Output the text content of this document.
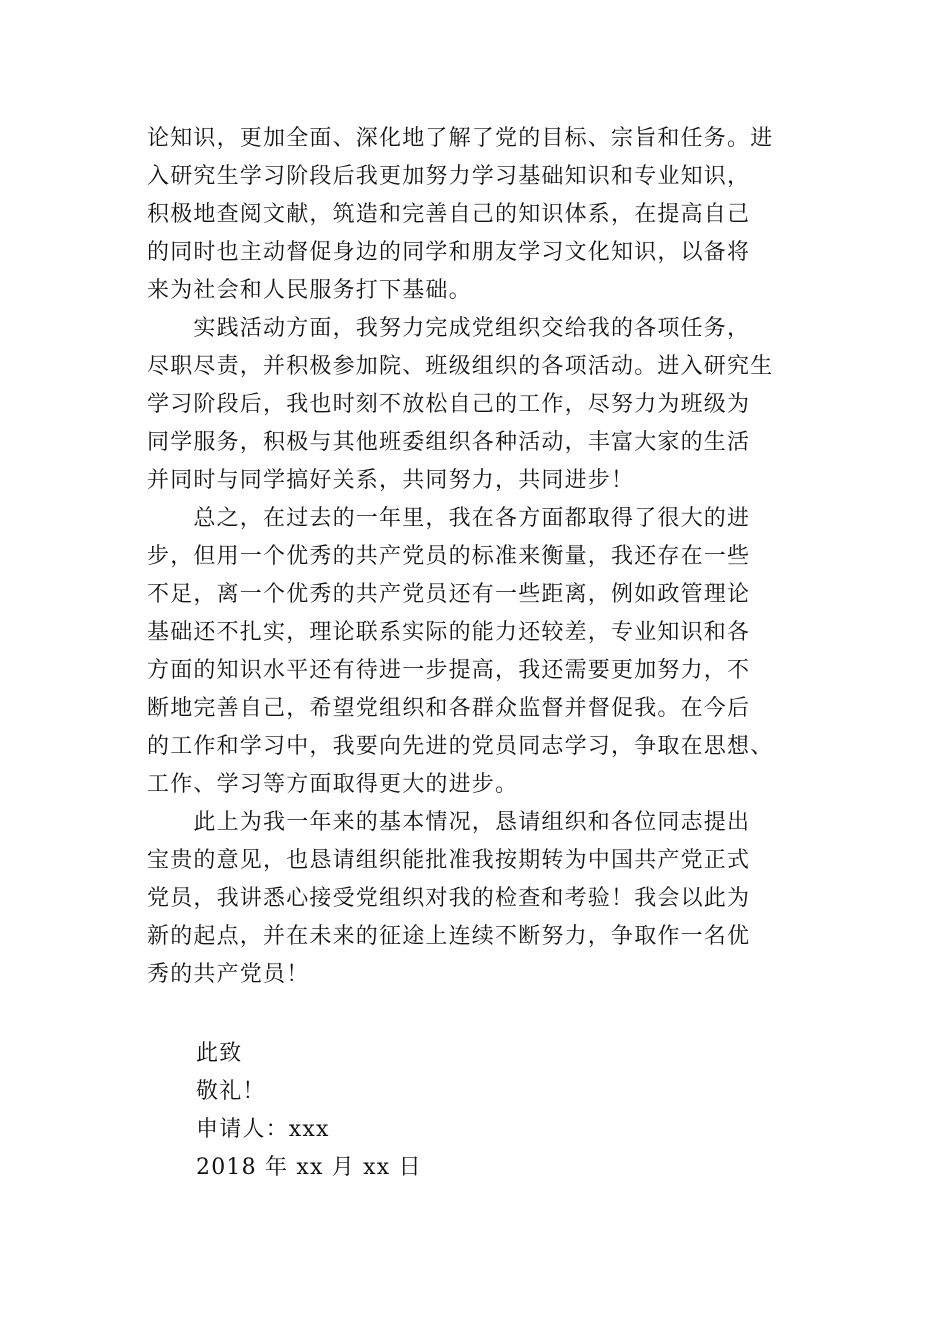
论知识，更加全面、深化地了解了党的目标、宗旨和任务。进
入研究生学习阶段后我更加努力学习基础知识和专业知识，
积极地查阅文献，筑造和完善自己的知识体系，在提高自己
的同时也主动督促身边的同学和朋友学习文化知识，以备将
来为社会和人民服务打下基础。
　　实践活动方面，我努力完成党组织交给我的各项任务，
尽职尽责，并积极参加院、班级组织的各项活动。进入研究生
学习阶段后，我也时刻不放松自己的工作，尽努力为班级为
同学服务，积极与其他班委组织各种活动，丰富大家的生活
并同时与同学搞好关系，共同努力，共同进步！
　　总之，在过去的一年里，我在各方面都取得了很大的进
步，但用一个优秀的共产党员的标准来衡量，我还存在一些
不足，离一个优秀的共产党员还有一些距离，例如政管理论
基础还不扎实，理论联系实际的能力还较差，专业知识和各
方面的知识水平还有待进一步提高，我还需要更加努力，不
断地完善自己，希望党组织和各群众监督并督促我。在今后
的工作和学习中，我要向先进的党员同志学习，争取在思想、
工作、学习等方面取得更大的进步。
　　此上为我一年来的基本情况，恳请组织和各位同志提出
宝贵的意见，也恳请组织能批准我按期转为中国共产党正式
党员，我讲悉心接受党组织对我的检查和考验！我会以此为
新的起点，并在未来的征途上连续不断努力，争取作一名优
秀的共产党员！
此致
敬礼！
申请人：xxx
2018 年 xx 月 xx 日
